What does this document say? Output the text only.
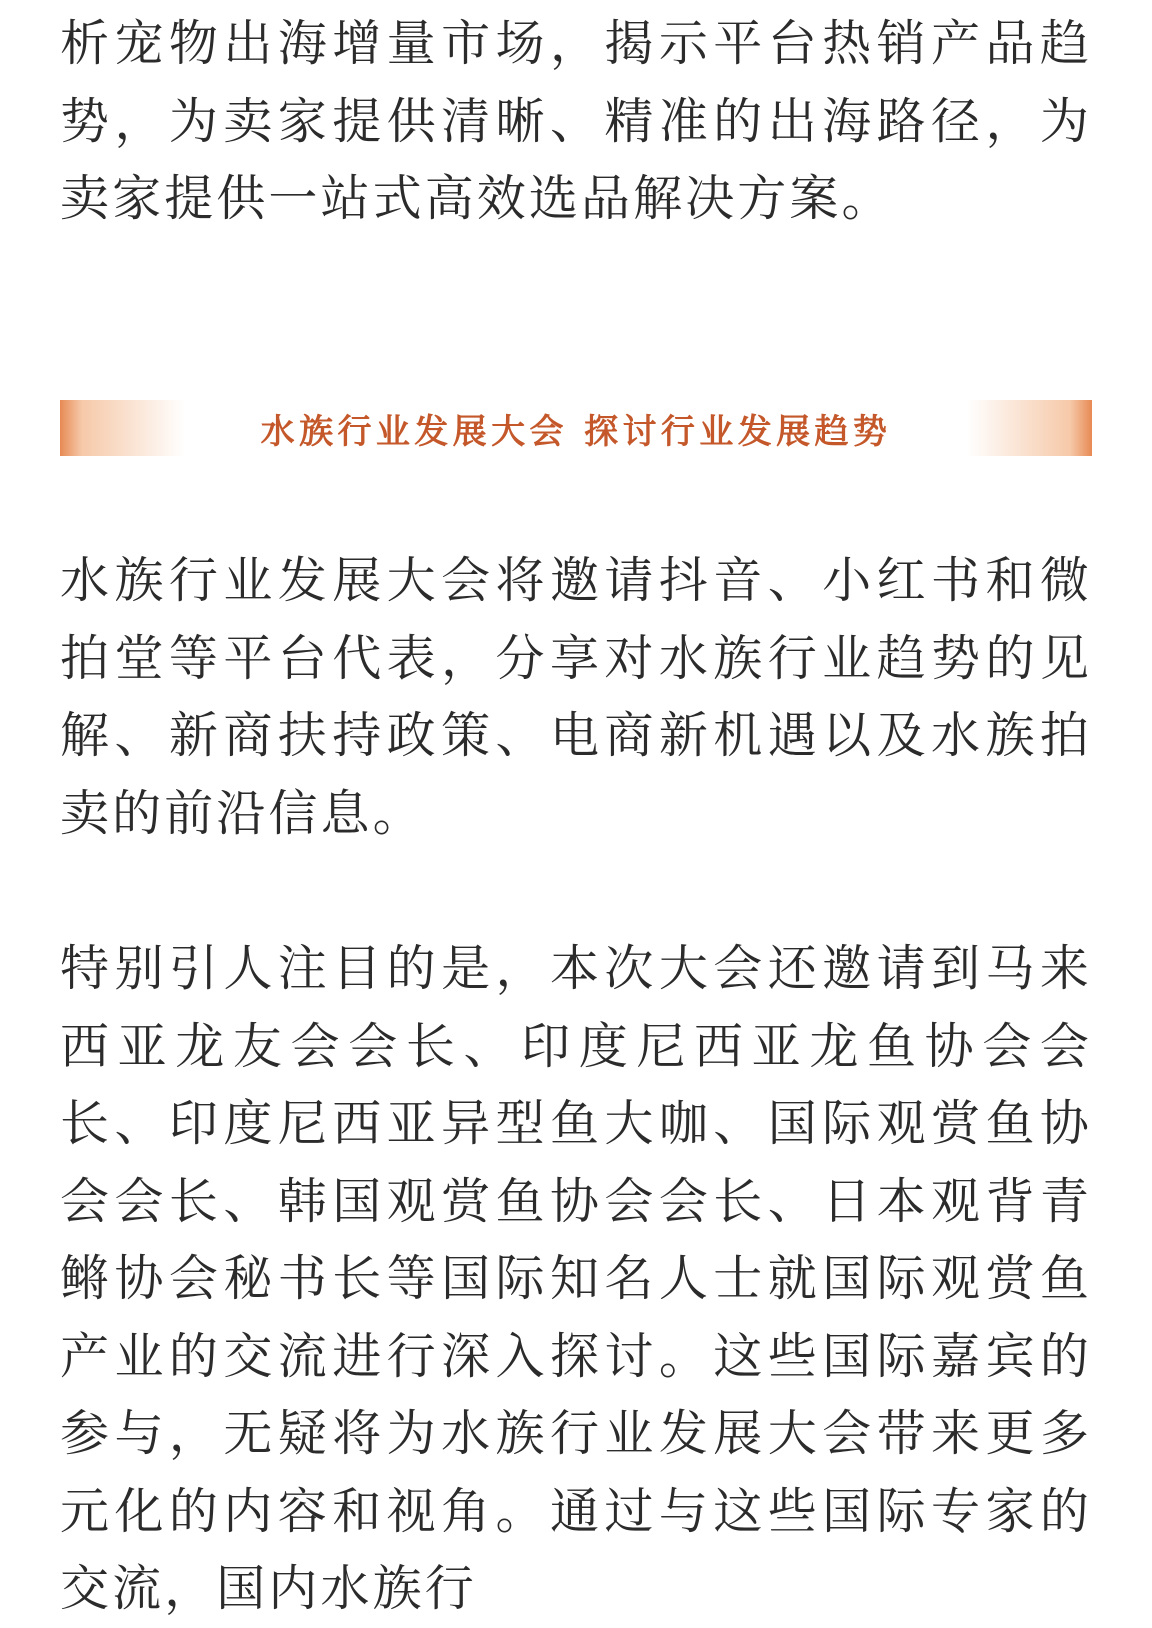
析宠物出海增量市场，揭示平台热销产品趋势，为卖家提供清晰、精准的出海路径，为卖家提供一站式高效选品解决方案。

水族行业发展大会 探讨行业发展趋势

水族行业发展大会将邀请抖音、小红书和微拍堂等平台代表，分享对水族行业趋势的见解、新商扶持政策、电商新机遇以及水族拍卖的前沿信息。

特别引人注目的是，本次大会还邀请到马来西亚龙友会会长、印度尼西亚龙鱼协会会长、印度尼西亚异型鱼大咖、国际观赏鱼协会会长、韩国观赏鱼协会会长、日本观背青鳉协会秘书长等国际知名人士就国际观赏鱼产业的交流进行深入探讨。这些国际嘉宾的参与，无疑将为水族行业发展大会带来更多元化的内容和视角。通过与这些国际专家的交流，国内水族行
